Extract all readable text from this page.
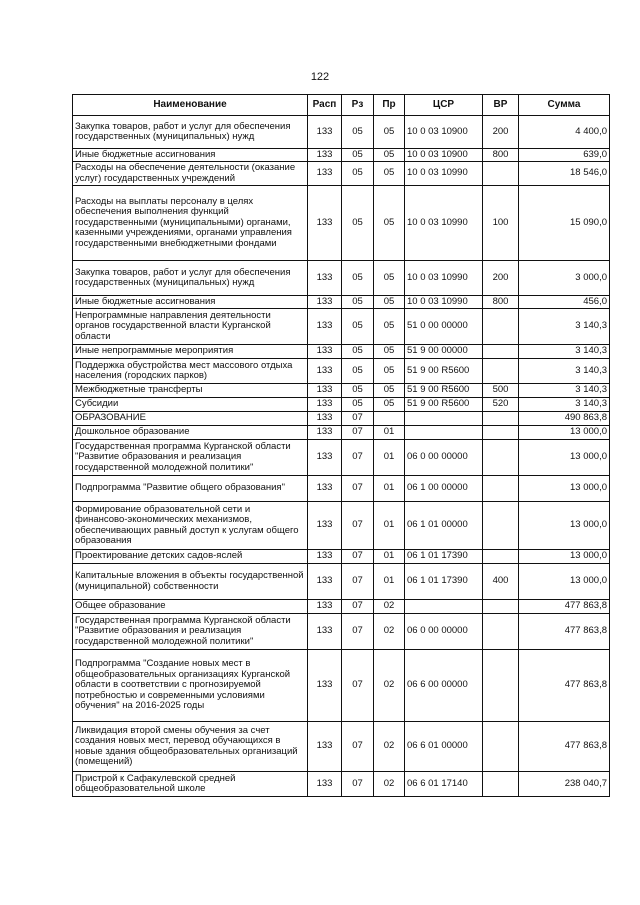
122
Наименование	Расп	Рз	Пр	ЦСР	ВР	Сумма
Закупка товаров, работ и услуг для обеспечения государственных (муниципальных) нужд	133	05	05	10 0 03 10900	200	4 400,0
Иные бюджетные ассигнования	133	05	05	10 0 03 10900	800	639,0
Расходы на обеспечение деятельности (оказание услуг) государственных учреждений	133	05	05	10 0 03 10990		18 546,0
Расходы на выплаты персоналу в целях обеспечения выполнения функций государственными (муниципальными) органами, казенными учреждениями, органами управления государственными внебюджетными фондами	133	05	05	10 0 03 10990	100	15 090,0
Закупка товаров, работ и услуг для обеспечения государственных (муниципальных) нужд	133	05	05	10 0 03 10990	200	3 000,0
Иные бюджетные ассигнования	133	05	05	10 0 03 10990	800	456,0
Непрограммные направления деятельности органов государственной власти Курганской области	133	05	05	51 0 00 00000		3 140,3
Иные непрограммные мероприятия	133	05	05	51 9 00 00000		3 140,3
Поддержка обустройства мест массового отдыха населения (городских парков)	133	05	05	51 9 00 R5600		3 140,3
Межбюджетные трансферты	133	05	05	51 9 00 R5600	500	3 140,3
Субсидии	133	05	05	51 9 00 R5600	520	3 140,3
ОБРАЗОВАНИЕ	133	07				490 863,8
Дошкольное образование	133	07	01			13 000,0
Государственная программа Курганской области "Развитие образования и реализация государственной молодежной политики"	133	07	01	06 0 00 00000		13 000,0
Подпрограмма "Развитие общего образования"	133	07	01	06 1 00 00000		13 000,0
Формирование образовательной сети и финансово-экономических механизмов, обеспечивающих равный доступ к услугам общего образования	133	07	01	06 1 01 00000		13 000,0
Проектирование детских садов-яслей	133	07	01	06 1 01 17390		13 000,0
Капитальные вложения в объекты государственной (муниципальной) собственности	133	07	01	06 1 01 17390	400	13 000,0
Общее образование	133	07	02			477 863,8
Государственная программа Курганской области "Развитие образования и реализация государственной молодежной политики"	133	07	02	06 0 00 00000		477 863,8
Подпрограмма "Создание новых мест в общеобразовательных организациях Курганской области в соответствии с прогнозируемой потребностью и современными условиями обучения" на 2016-2025 годы	133	07	02	06 6 00 00000		477 863,8
Ликвидация второй смены обучения за счет создания новых мест, перевод обучающихся в новые здания общеобразовательных организаций (помещений)	133	07	02	06 6 01 00000		477 863,8
Пристрой к Сафакулевской средней общеобразовательной школе	133	07	02	06 6 01 17140		238 040,7
